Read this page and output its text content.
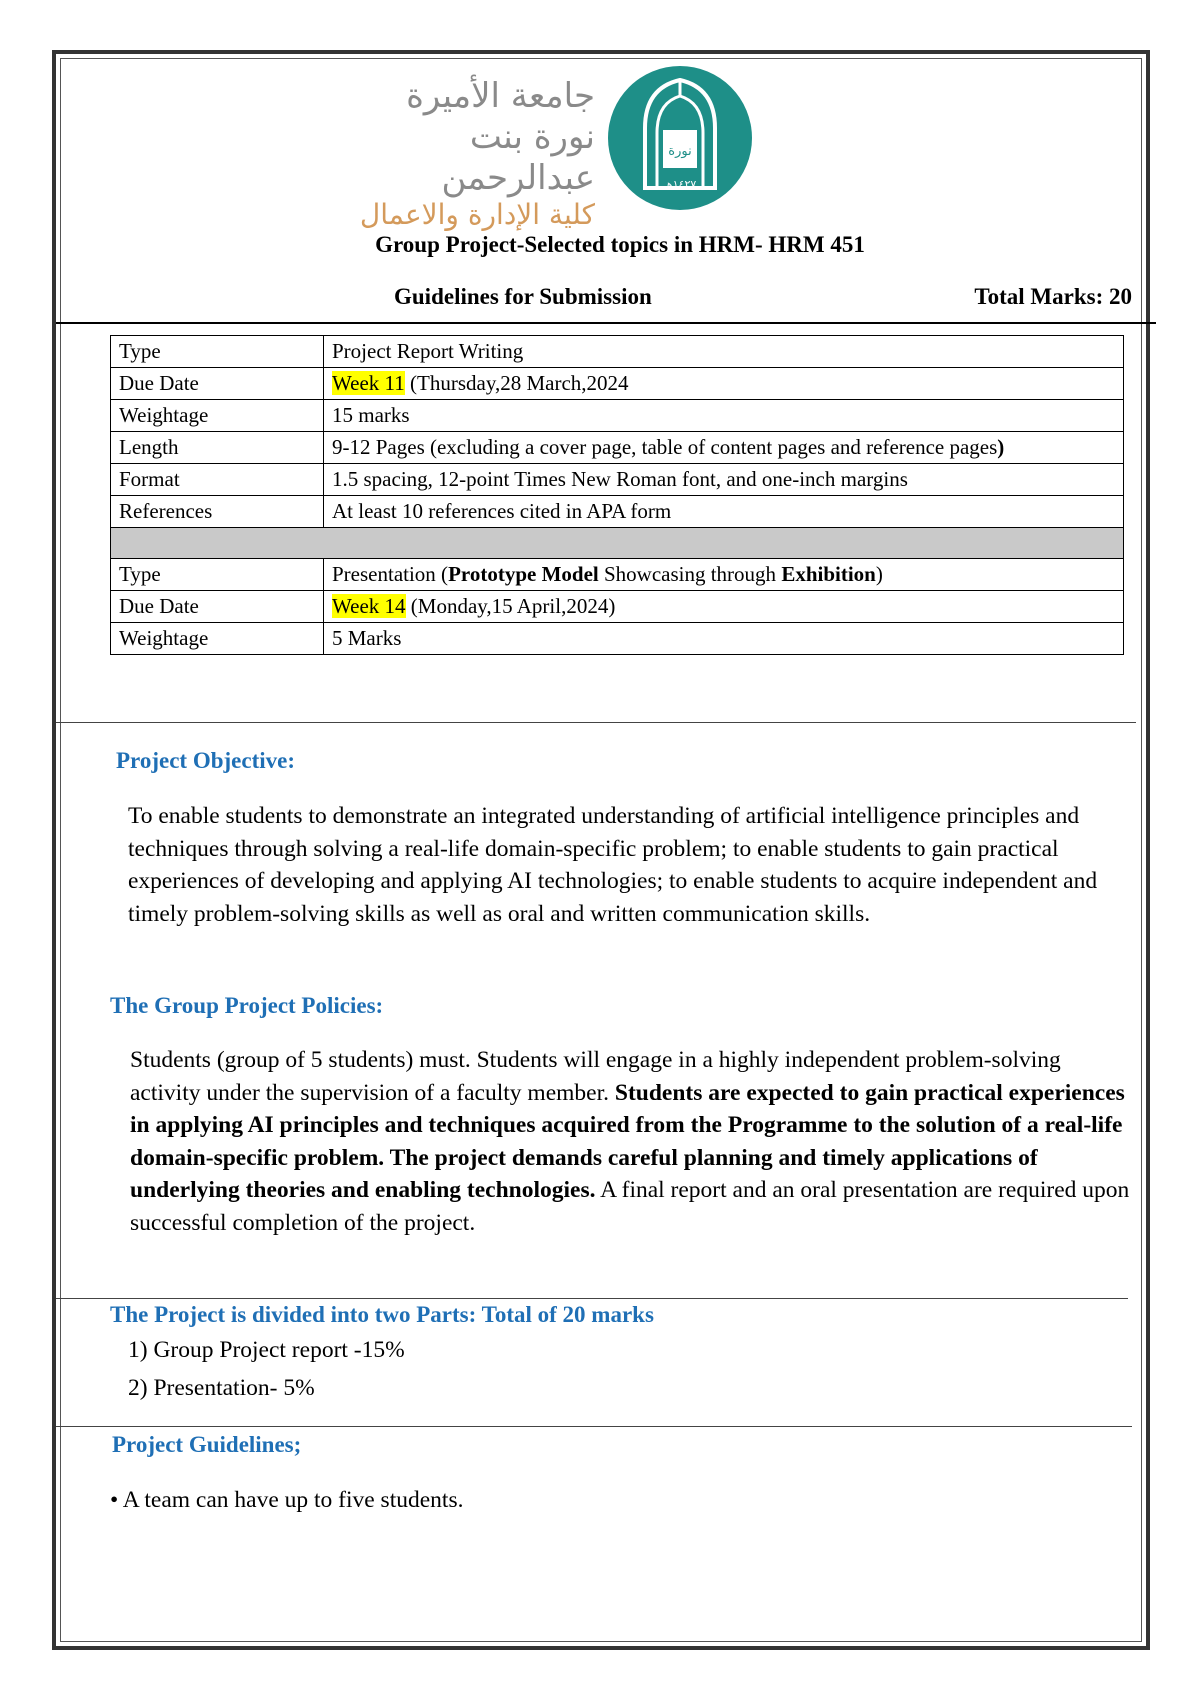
جامعة الأميرة
نورة بنت عبدالرحمن
كلية الإدارة والاعمال
نورة
١٤٢٧هـ
Group Project-Selected topics in HRM- HRM 451
Guidelines for Submission	Total Marks: 20
Type	Project Report Writing
Due Date	Week 11 (Thursday,28 March,2024
Weightage	15 marks
Length	9-12 Pages (excluding a cover page, table of content pages and reference pages)
Format	1.5 spacing, 12-point Times New Roman font, and one-inch margins
References	At least 10 references cited in APA form

Type	Presentation (Prototype Model Showcasing through Exhibition)
Due Date	Week 14 (Monday,15 April,2024)
Weightage	5 Marks
Project Objective:
To enable students to demonstrate an integrated understanding of artificial intelligence principles and techniques through solving a real-life domain-specific problem; to enable students to gain practical experiences of developing and applying AI technologies; to enable students to acquire independent and timely problem-solving skills as well as oral and written communication skills.
The Group Project Policies:
Students (group of 5 students) must. Students will engage in a highly independent problem-solving activity under the supervision of a faculty member. Students are expected to gain practical experiences in applying AI principles and techniques acquired from the Programme to the solution of a real-life domain-specific problem. The project demands careful planning and timely applications of underlying theories and enabling technologies. A final report and an oral presentation are required upon successful completion of the project.
The Project is divided into two Parts: Total of 20 marks
1) Group Project report -15%
2) Presentation- 5%
Project Guidelines;
• A team can have up to five students.
